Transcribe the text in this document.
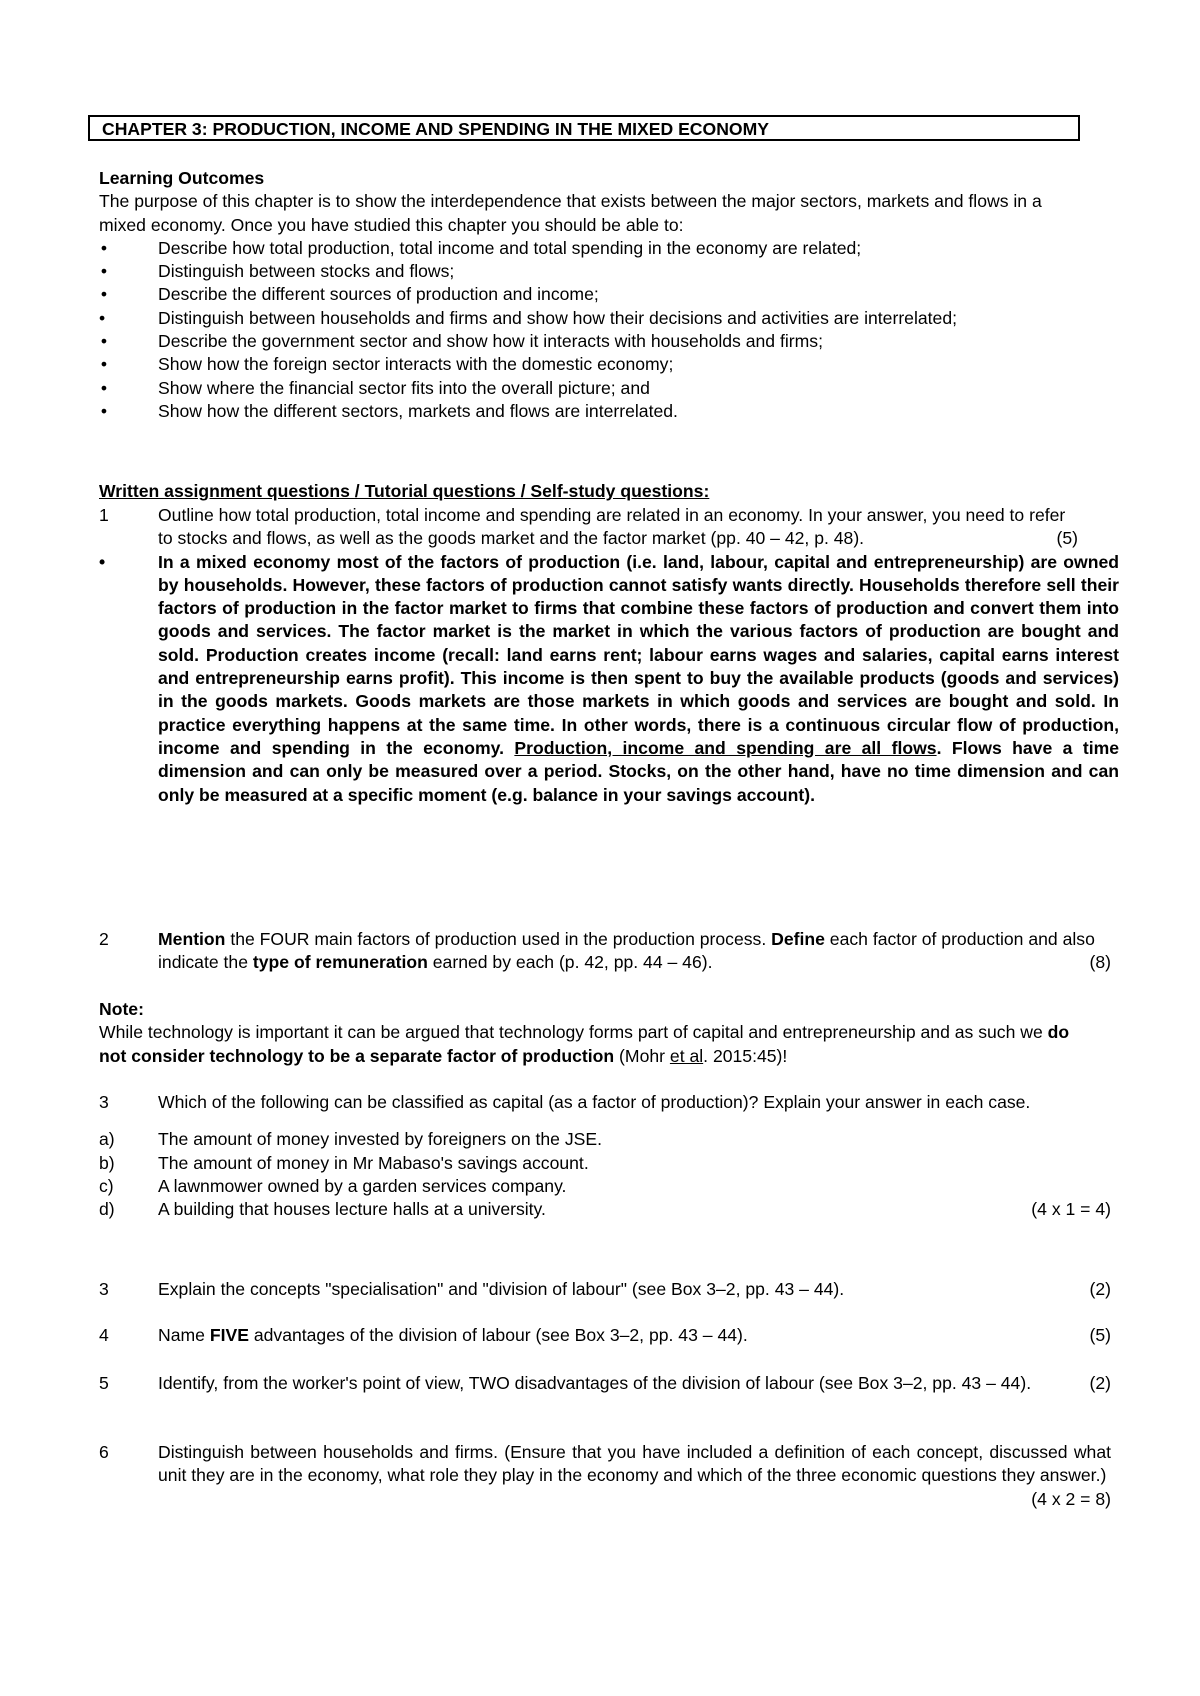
CHAPTER 3: PRODUCTION, INCOME AND SPENDING IN THE MIXED ECONOMY
Learning Outcomes
The purpose of this chapter is to show the interdependence that exists between the major sectors, markets and flows in a mixed economy. Once you have studied this chapter you should be able to:
•	Describe how total production, total income and total spending in the economy are related;
•	Distinguish between stocks and flows;
•	Describe the different sources of production and income;
•	Distinguish between households and firms and show how their decisions and activities are interrelated;
•	Describe the government sector and show how it interacts with households and firms;
•	Show how the foreign sector interacts with the domestic economy;
•	Show where the financial sector fits into the overall picture; and
•	Show how the different sectors, markets and flows are interrelated.
Written assignment questions / Tutorial questions / Self-study questions:
1	Outline how total production, total income and spending are related in an economy. In your answer, you need to refer to stocks and flows, as well as the goods market and the factor market (pp. 40 – 42, p. 48).	(5)
•	In a mixed economy most of the factors of production (i.e. land, labour, capital and entrepreneurship) are owned by households. However, these factors of production cannot satisfy wants directly. Households therefore sell their factors of production in the factor market to firms that combine these factors of production and convert them into goods and services. The factor market is the market in which the various factors of production are bought and sold. Production creates income (recall: land earns rent; labour earns wages and salaries, capital earns interest and entrepreneurship earns profit). This income is then spent to buy the available products (goods and services) in the goods markets. Goods markets are those markets in which goods and services are bought and sold. In practice everything happens at the same time. In other words, there is a continuous circular flow of production, income and spending in the economy. Production, income and spending are all flows. Flows have a time dimension and can only be measured over a period. Stocks, on the other hand, have no time dimension and can only be measured at a specific moment (e.g. balance in your savings account).
2	Mention the FOUR main factors of production used in the production process. Define each factor of production and also indicate the type of remuneration earned by each (p. 42, pp. 44 – 46).	(8)
Note:
While technology is important it can be argued that technology forms part of capital and entrepreneurship and as such we do not consider technology to be a separate factor of production (Mohr et al. 2015:45)!
3	Which of the following can be classified as capital (as a factor of production)? Explain your answer in each case.
a) The amount of money invested by foreigners on the JSE.
b) The amount of money in Mr Mabaso's savings account.
c)	A lawnmower owned by a garden services company.
d) A building that houses lecture halls at a university.	(4 x 1 = 4)
3	Explain the concepts "specialisation" and "division of labour" (see Box 3–2, pp. 43 – 44).	(2)
4	Name FIVE advantages of the division of labour (see Box 3–2, pp. 43 – 44).	(5)
5	Identify, from the worker's point of view, TWO disadvantages of the division of labour (see Box 3–2, pp. 43 – 44).	(2)
6	Distinguish between households and firms. (Ensure that you have included a definition of each concept, discussed what unit they are in the economy, what role they play in the economy and which of the three economic questions they answer.)
(4 x 2 = 8)
